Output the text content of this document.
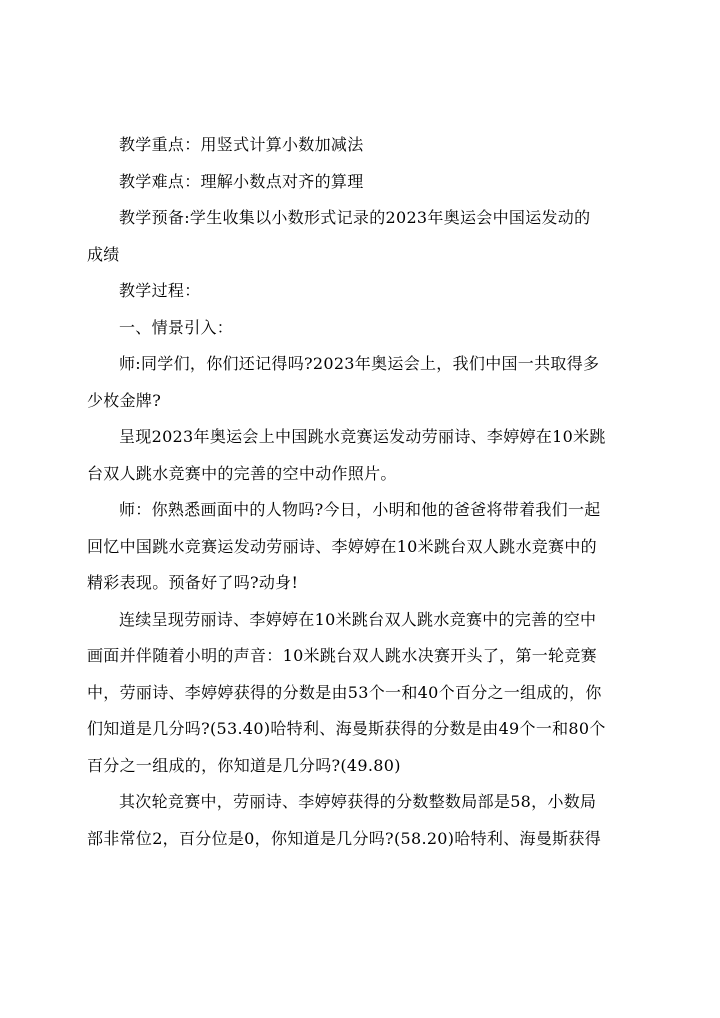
教学重点：用竖式计算小数加减法

教学难点：理解小数点对齐的算理

教学预备:学生收集以小数形式记录的2023年奥运会中国运发动的
成绩

教学过程：

一、情景引入：

师:同学们，你们还记得吗?2023年奥运会上，我们中国一共取得多
少枚金牌?

呈现2023年奥运会上中国跳水竞赛运发动劳丽诗、李婷婷在10米跳
台双人跳水竞赛中的完善的空中动作照片。

师：你熟悉画面中的人物吗?今日，小明和他的爸爸将带着我们一起
回忆中国跳水竞赛运发动劳丽诗、李婷婷在10米跳台双人跳水竞赛中的
精彩表现。预备好了吗?动身!

连续呈现劳丽诗、李婷婷在10米跳台双人跳水竞赛中的完善的空中
画面并伴随着小明的声音：10米跳台双人跳水决赛开头了，第一轮竞赛
中，劳丽诗、李婷婷获得的分数是由53个一和40个百分之一组成的，你
们知道是几分吗?(53.40)哈特利、海曼斯获得的分数是由49个一和80个
百分之一组成的，你知道是几分吗?(49.80)

其次轮竞赛中，劳丽诗、李婷婷获得的分数整数局部是58，小数局
部非常位2，百分位是0，你知道是几分吗?(58.20)哈特利、海曼斯获得
